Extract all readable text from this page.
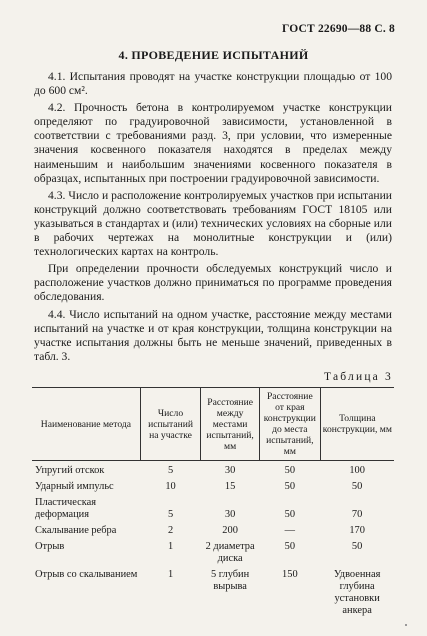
ГОСТ 22690—88 С. 8
4. ПРОВЕДЕНИЕ ИСПЫТАНИЙ

4.1. Испытания проводят на участке конструкции площадью от 100 до 600 см².

4.2. Прочность бетона в контролируемом участке конструкции определяют по градуировочной зависимости, установленной в соответствии с требованиями разд. 3, при условии, что измеренные значения косвенного показателя находятся в пределах между наименьшим и наибольшим значениями косвенного показателя в образцах, испытанных при построении градуировочной зависимости.

4.3. Число и расположение контролируемых участков при испытании конструкций должно соответствовать требованиям ГОСТ 18105 или указываться в стандартах и (или) технических условиях на сборные или в рабочих чертежах на монолитные конструкции и (или) технологических картах на контроль.

При определении прочности обследуемых конструкций число и расположение участков должно приниматься по программе проведения обследования.

4.4. Число испытаний на одном участке, расстояние между местами испытаний на участке и от края конструкции, толщина конструкции на участке испытания должны быть не меньше значений, приведенных в табл. 3.

Таблица 3
Наименование метода	Число испытаний на участке	Расстояние между местами испытаний, мм	Расстояние от края конструкции до места испытаний, мм	Толщина конструкции, мм
Упругий отскок	5	30	50	100
Ударный импульс	10	15	50	50
Пластическая деформация	5	30	50	70
Скалывание ребра	2	200	—	170
Отрыв	1	2 диаметра диска	50	50
Отрыв со скалыванием	1	5 глубин вырыва	150	Удвоенная глубина установки анкера
